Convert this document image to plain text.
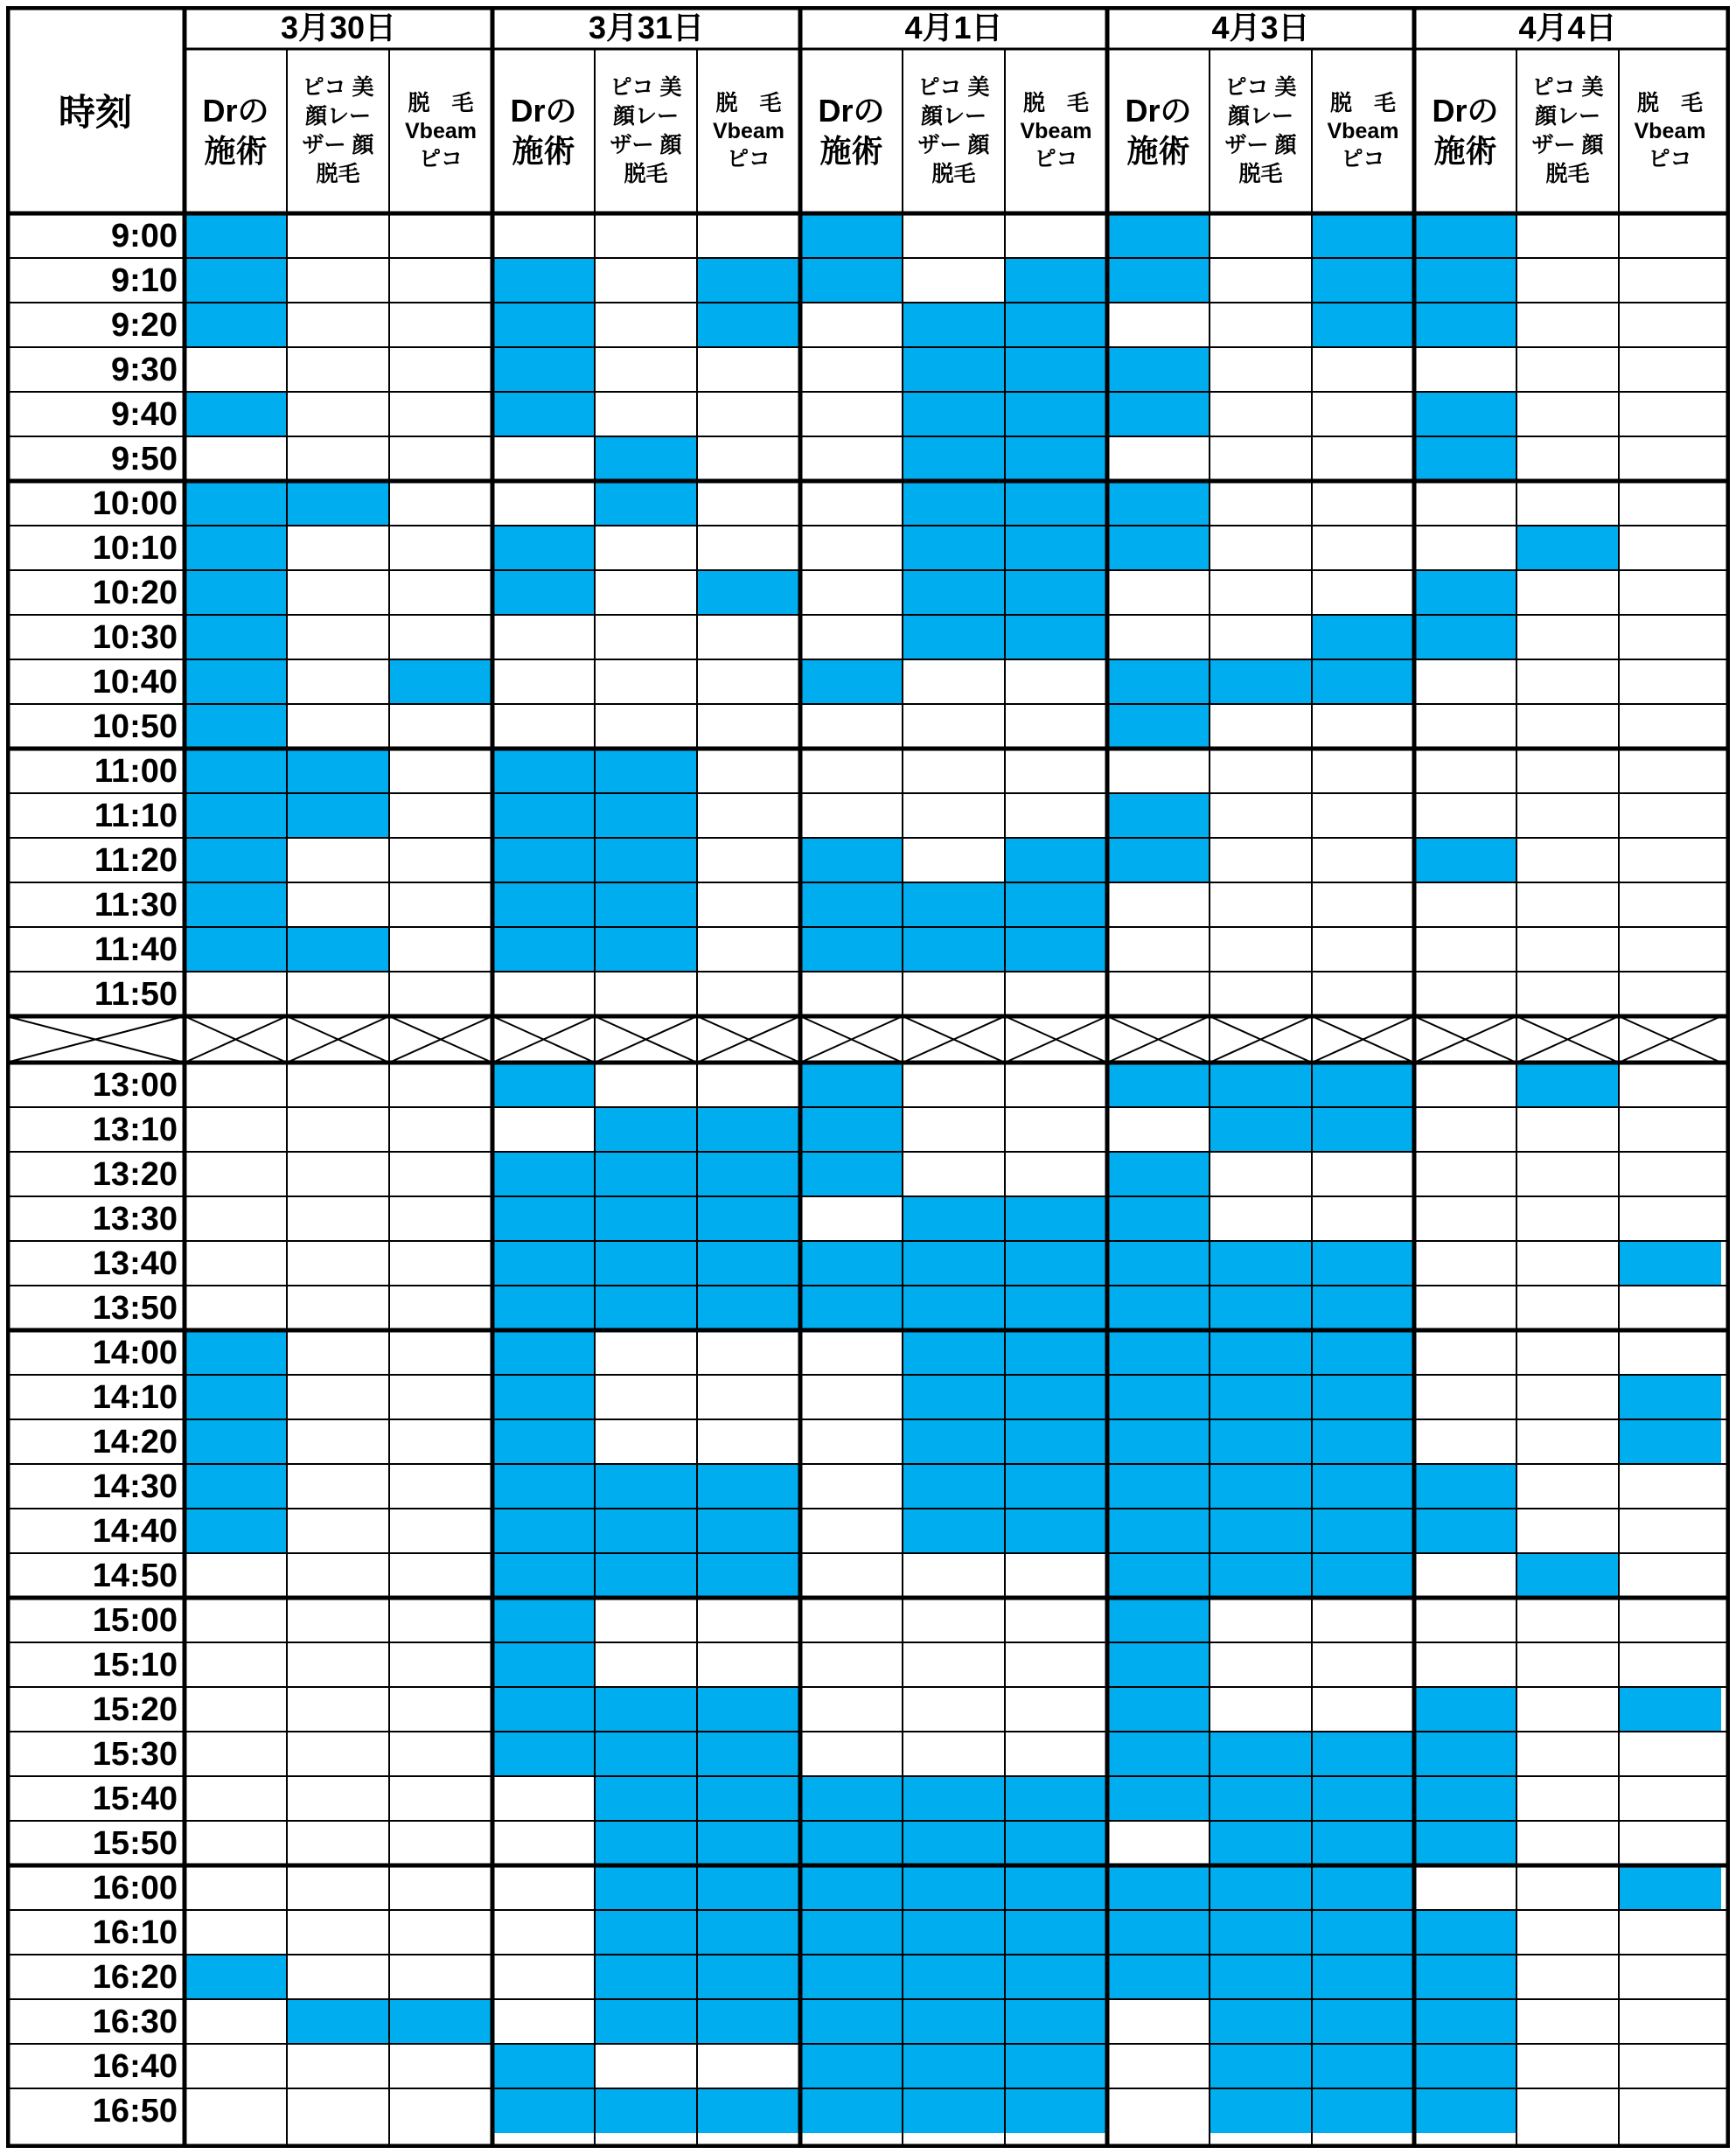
時刻
3月30日
Drの
施術
ピコ 美
顔レー
ザー 顔
脱毛
脱　毛
Vbeam
ピコ
3月31日
Drの
施術
ピコ 美
顔レー
ザー 顔
脱毛
脱　毛
Vbeam
ピコ
4月1日
Drの
施術
ピコ 美
顔レー
ザー 顔
脱毛
脱　毛
Vbeam
ピコ
4月3日
Drの
施術
ピコ 美
顔レー
ザー 顔
脱毛
脱　毛
Vbeam
ピコ
4月4日
Drの
施術
ピコ 美
顔レー
ザー 顔
脱毛
脱　毛
Vbeam
ピコ
9:00
9:10
9:20
9:30
9:40
9:50
10:00
10:10
10:20
10:30
10:40
10:50
11:00
11:10
11:20
11:30
11:40
11:50
13:00
13:10
13:20
13:30
13:40
13:50
14:00
14:10
14:20
14:30
14:40
14:50
15:00
15:10
15:20
15:30
15:40
15:50
16:00
16:10
16:20
16:30
16:40
16:50
